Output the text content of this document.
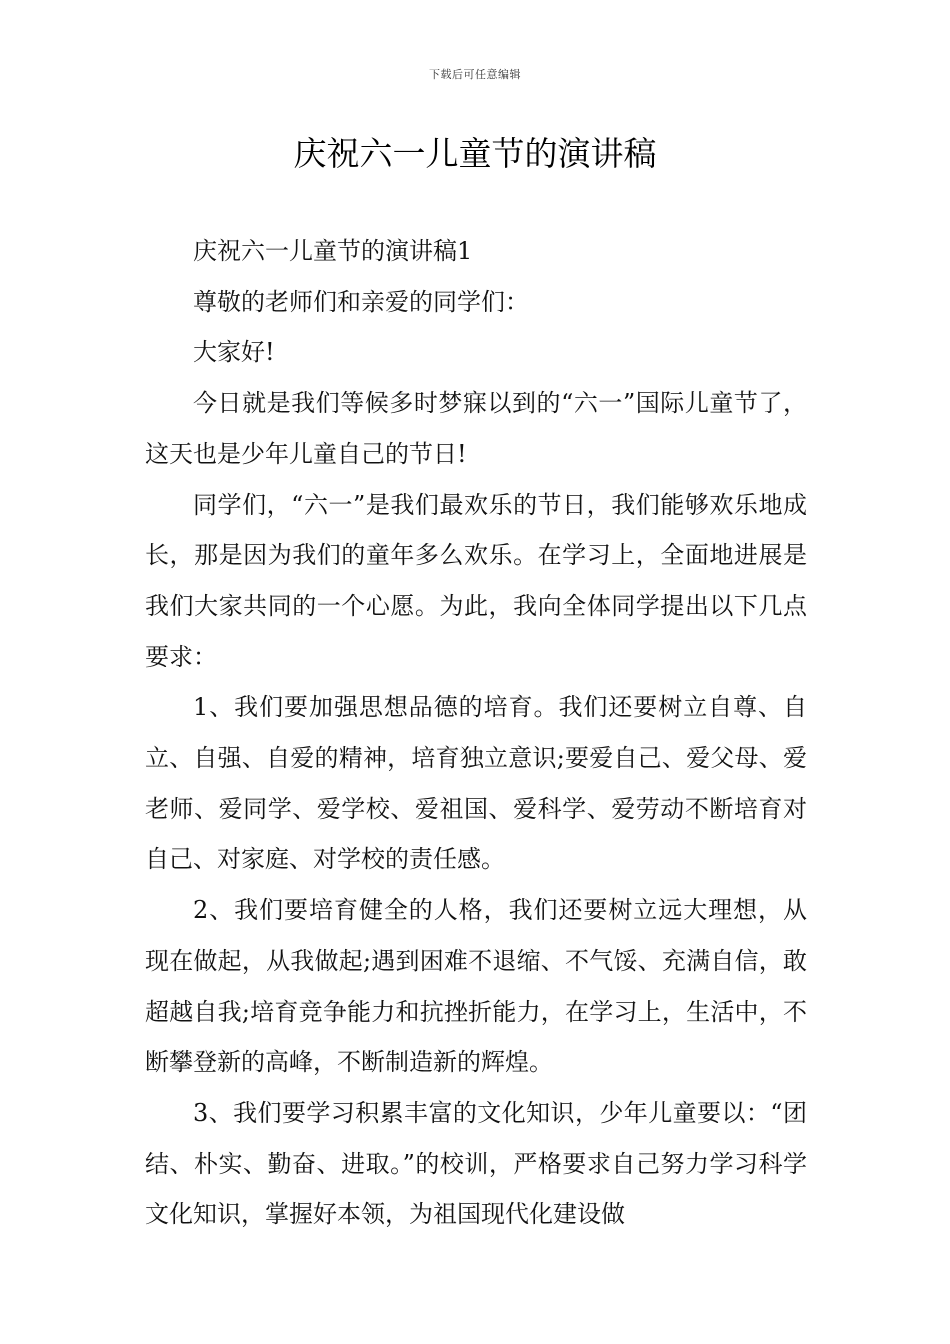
下载后可任意编辑
庆祝六一儿童节的演讲稿

庆祝六一儿童节的演讲稿1

尊敬的老师们和亲爱的同学们：

大家好!

今日就是我们等候多时梦寐以到的“六一”国际儿童节了，这天也是少年儿童自己的节日!

同学们，“六一”是我们最欢乐的节日，我们能够欢乐地成长，那是因为我们的童年多么欢乐。在学习上，全面地进展是我们大家共同的一个心愿。为此，我向全体同学提出以下几点要求：

1、我们要加强思想品德的培育。我们还要树立自尊、自立、自强、自爱的精神，培育独立意识;要爱自己、爱父母、爱老师、爱同学、爱学校、爱祖国、爱科学、爱劳动不断培育对自己、对家庭、对学校的责任感。

2、我们要培育健全的人格，我们还要树立远大理想，从现在做起，从我做起;遇到困难不退缩、不气馁、充满自信，敢超越自我;培育竞争能力和抗挫折能力，在学习上，生活中，不断攀登新的高峰，不断制造新的辉煌。

3、我们要学习积累丰富的文化知识，少年儿童要以：“团结、朴实、勤奋、进取。”的校训，严格要求自己努力学习科学文化知识，掌握好本领，为祖国现代化建设做
